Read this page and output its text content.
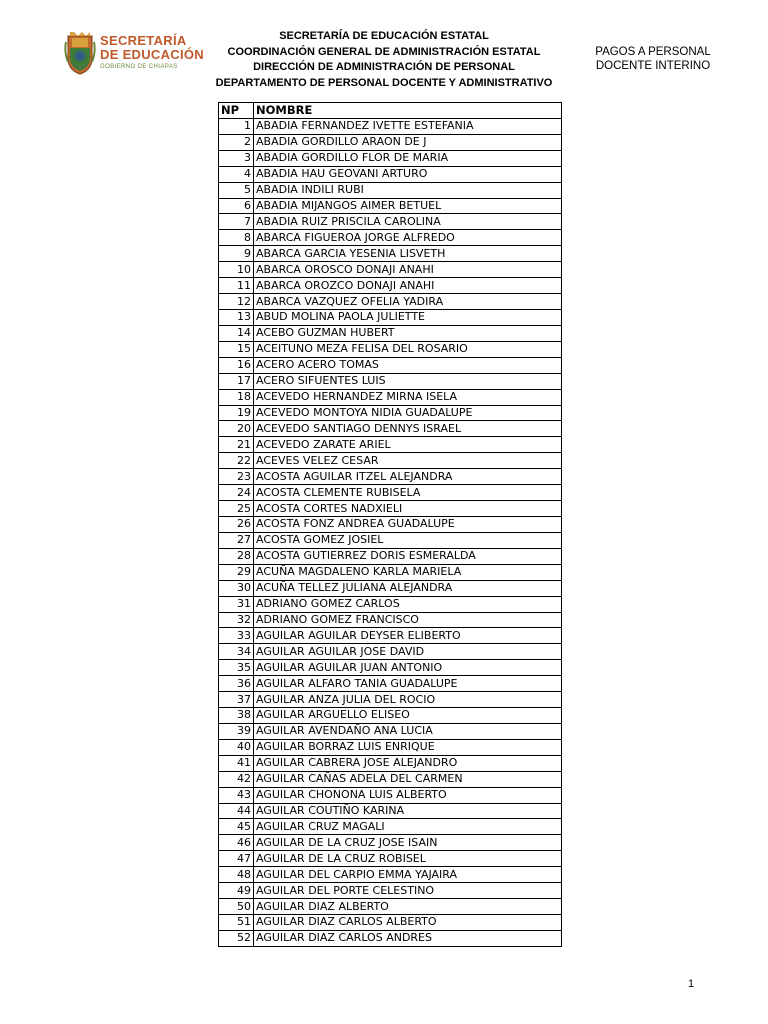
SECRETARÍA
DE EDUCACIÓN
GOBIERNO DE CHIAPAS
SECRETARÍA DE EDUCACIÓN ESTATAL
COORDINACIÓN GENERAL DE ADMINISTRACIÓN ESTATAL
DIRECCIÓN DE ADMINISTRACIÓN DE PERSONAL
DEPARTAMENTO DE PERSONAL DOCENTE Y ADMINISTRATIVO
PAGOS A PERSONAL
DOCENTE INTERINO
NP	NOMBRE
1	ABADIA FERNANDEZ IVETTE ESTEFANIA
2	ABADIA GORDILLO ARAON DE J
3	ABADIA GORDILLO FLOR DE MARIA
4	ABADIA HAU GEOVANI ARTURO
5	ABADIA INDILI RUBI
6	ABADIA MIJANGOS AIMER BETUEL
7	ABADIA RUIZ PRISCILA CAROLINA
8	ABARCA FIGUEROA JORGE ALFREDO
9	ABARCA GARCIA YESENIA LISVETH
10	ABARCA OROSCO DONAJI ANAHI
11	ABARCA OROZCO DONAJI ANAHI
12	ABARCA VAZQUEZ OFELIA YADIRA
13	ABUD MOLINA PAOLA JULIETTE
14	ACEBO GUZMAN HUBERT
15	ACEITUNO MEZA FELISA DEL ROSARIO
16	ACERO ACERO TOMAS
17	ACERO SIFUENTES LUIS
18	ACEVEDO HERNANDEZ MIRNA ISELA
19	ACEVEDO MONTOYA NIDIA GUADALUPE
20	ACEVEDO SANTIAGO DENNYS ISRAEL
21	ACEVEDO ZARATE ARIEL
22	ACEVES VELEZ CESAR
23	ACOSTA AGUILAR ITZEL ALEJANDRA
24	ACOSTA CLEMENTE RUBISELA
25	ACOSTA CORTES NADXIELI
26	ACOSTA FONZ ANDREA GUADALUPE
27	ACOSTA GOMEZ JOSIEL
28	ACOSTA GUTIERREZ DORIS ESMERALDA
29	ACUÑA MAGDALENO KARLA MARIELA
30	ACUÑA TELLEZ JULIANA ALEJANDRA
31	ADRIANO GOMEZ CARLOS
32	ADRIANO GOMEZ FRANCISCO
33	AGUILAR AGUILAR DEYSER ELIBERTO
34	AGUILAR AGUILAR JOSE DAVID
35	AGUILAR AGUILAR JUAN ANTONIO
36	AGUILAR ALFARO TANIA GUADALUPE
37	AGUILAR ANZA JULIA DEL ROCIO
38	AGUILAR ARGUELLO ELISEO
39	AGUILAR AVENDAÑO ANA LUCIA
40	AGUILAR BORRAZ LUIS ENRIQUE
41	AGUILAR CABRERA JOSE ALEJANDRO
42	AGUILAR CAÑAS ADELA DEL CARMEN
43	AGUILAR CHONONA LUIS ALBERTO
44	AGUILAR COUTIÑO KARINA
45	AGUILAR CRUZ MAGALI
46	AGUILAR DE LA CRUZ JOSE ISAIN
47	AGUILAR DE LA CRUZ ROBISEL
48	AGUILAR DEL CARPIO EMMA YAJAIRA
49	AGUILAR DEL PORTE CELESTINO
50	AGUILAR DIAZ ALBERTO
51	AGUILAR DIAZ CARLOS ALBERTO
52	AGUILAR DIAZ CARLOS ANDRES
1
